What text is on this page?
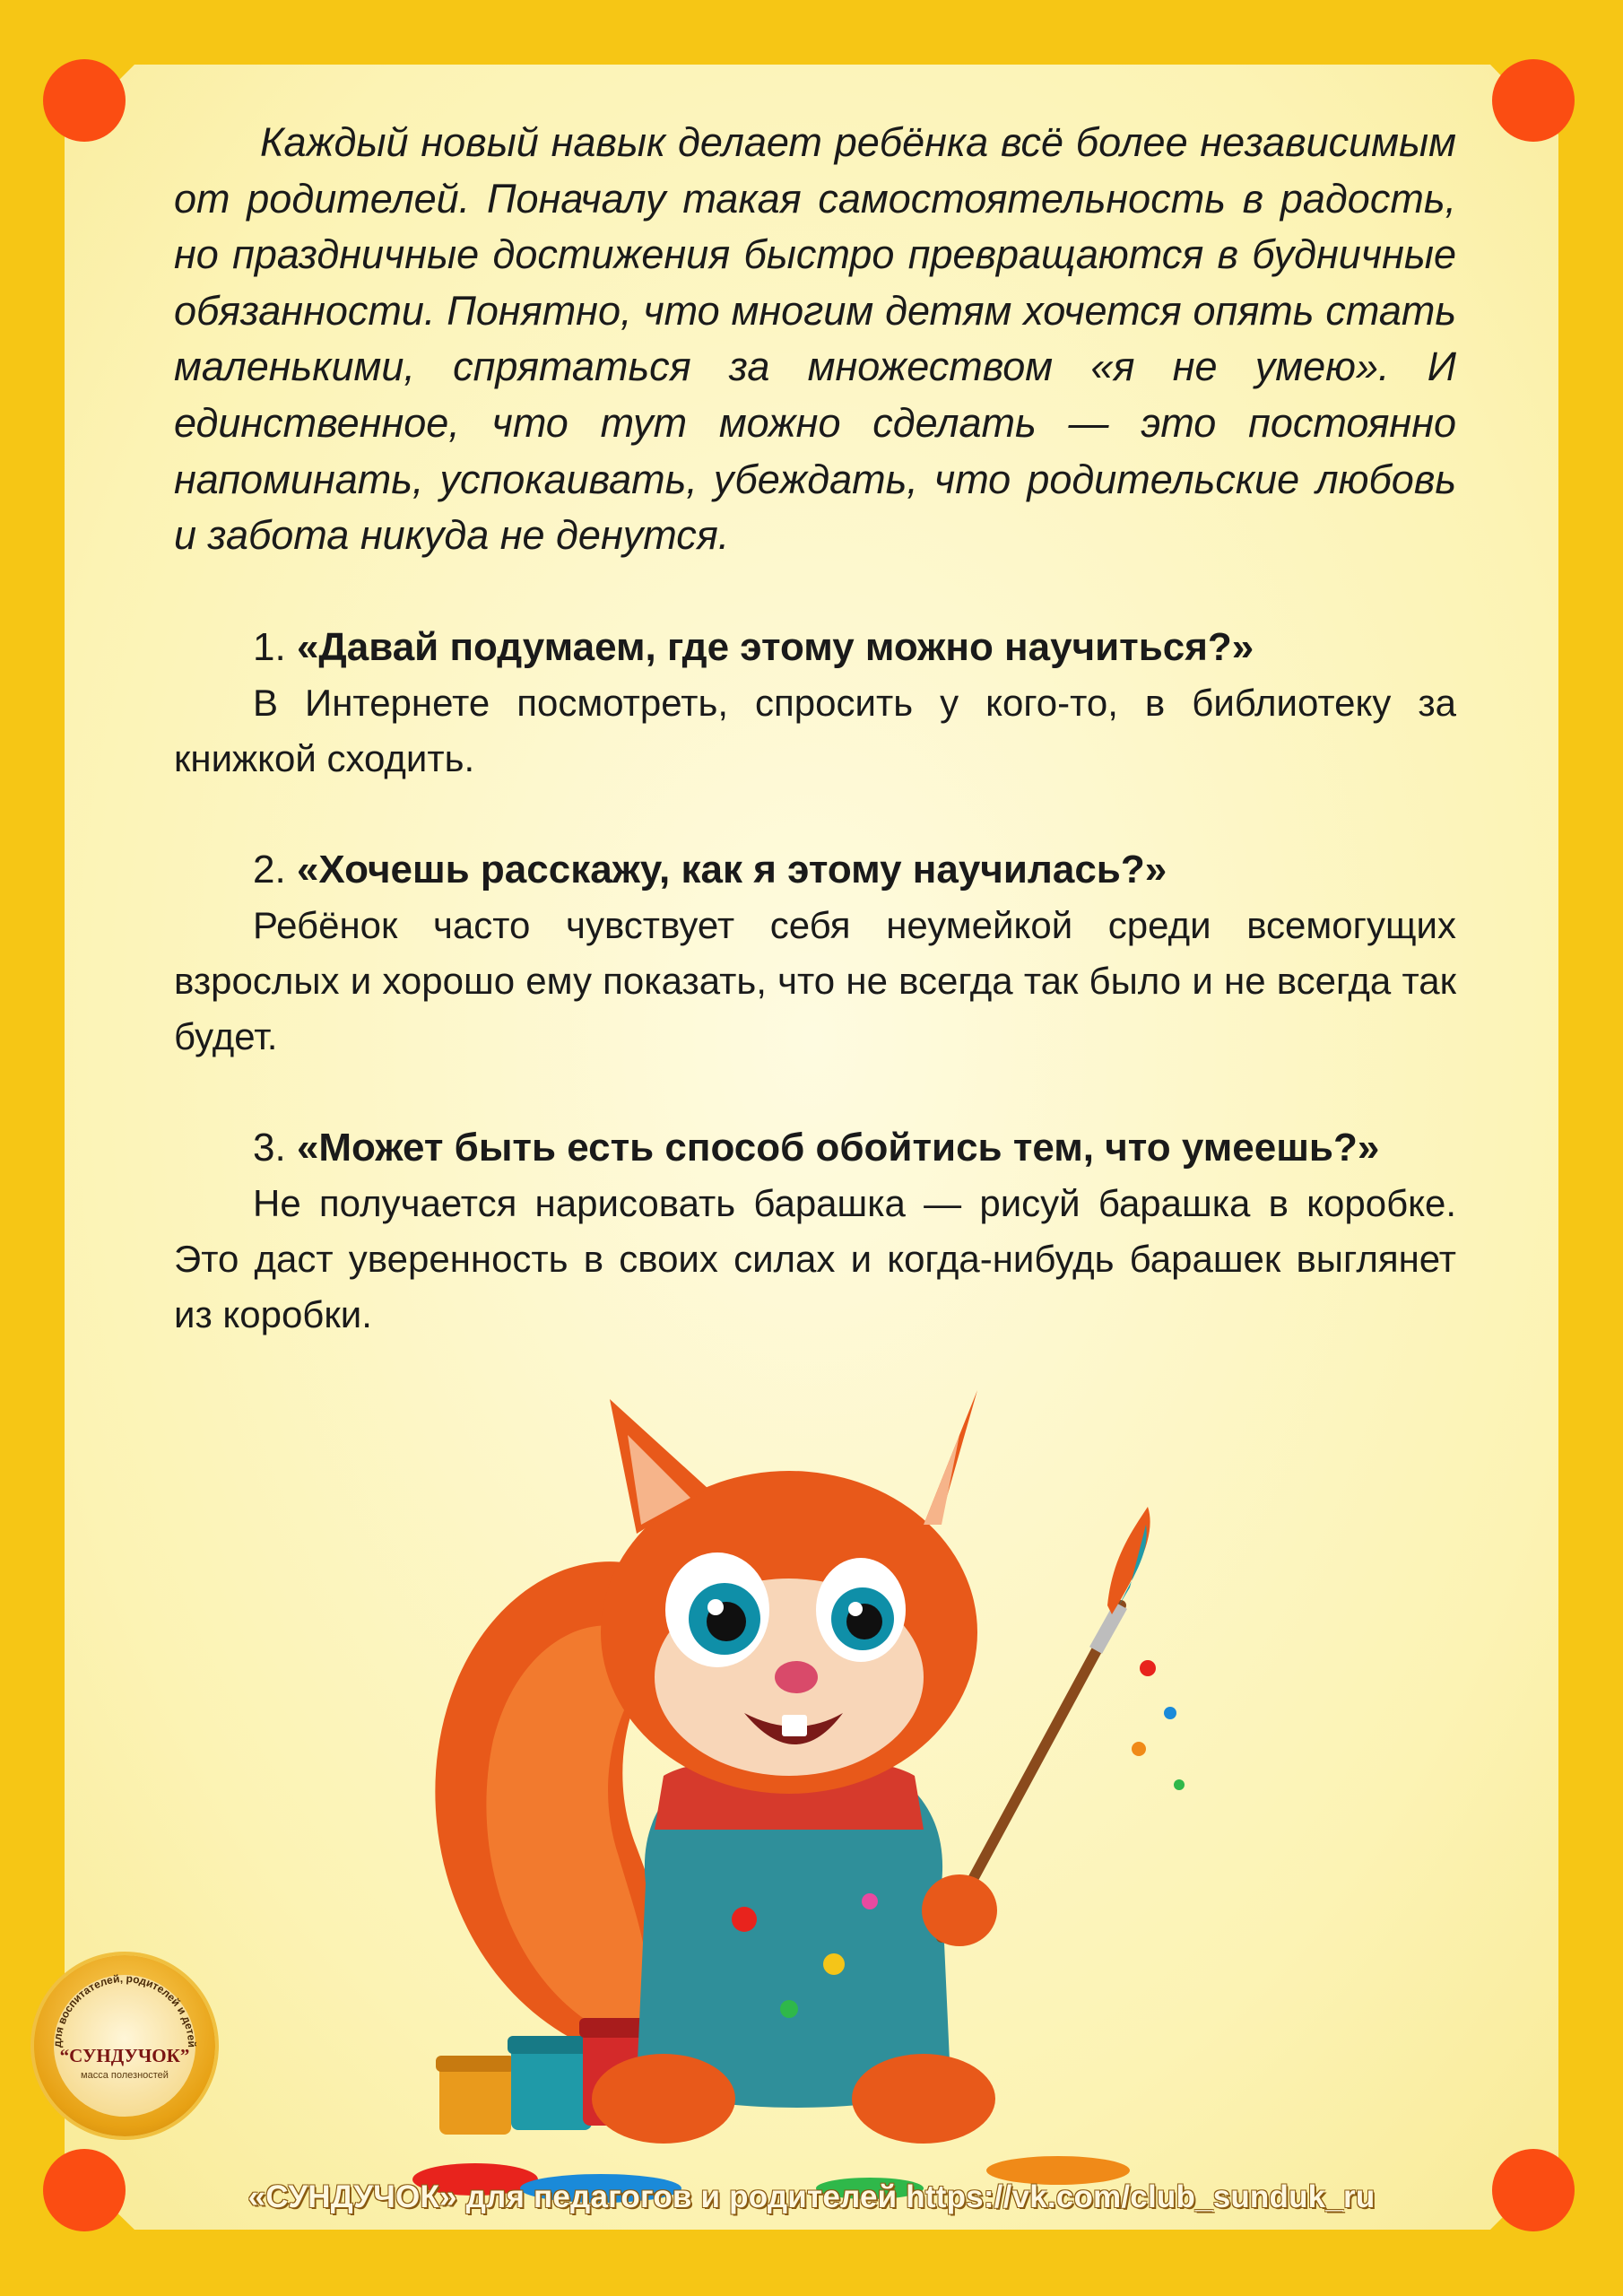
Каждый новый навык делает ребёнка всё более независимым от родителей. Поначалу такая самостоятельность в радость, но праздничные достижения быстро превращаются в будничные обязанности. Понятно, что многим детям хочется опять стать маленькими, спрятаться за множеством «я не умею». И единственное, что тут можно сделать — это постоянно напоминать, успокаивать, убеждать, что родительские любовь и забота никуда не денутся.

1. «Давай подумаем, где этому можно научиться?»

В Интернете посмотреть, спросить у кого-то, в библиотеку за книжкой сходить.

2. «Хочешь расскажу, как я этому научилась?»

Ребёнок часто чувствует себя неумейкой среди всемогущих взрослых и хорошо ему показать, что не всегда так было и не всегда так будет.

3. «Может быть есть способ обойтись тем, что умеешь?»

Не получается нарисовать барашка — рисуй барашка в коробке. Это даст уверенность в своих силах и когда-нибудь барашек выглянет из коробки.

для воспитателей, родителей и детей
“СУНДУЧОК”
масса полезностей
«СУНДУЧОК» для педагогов и родителей https://vk.com/club_sunduk_ru
